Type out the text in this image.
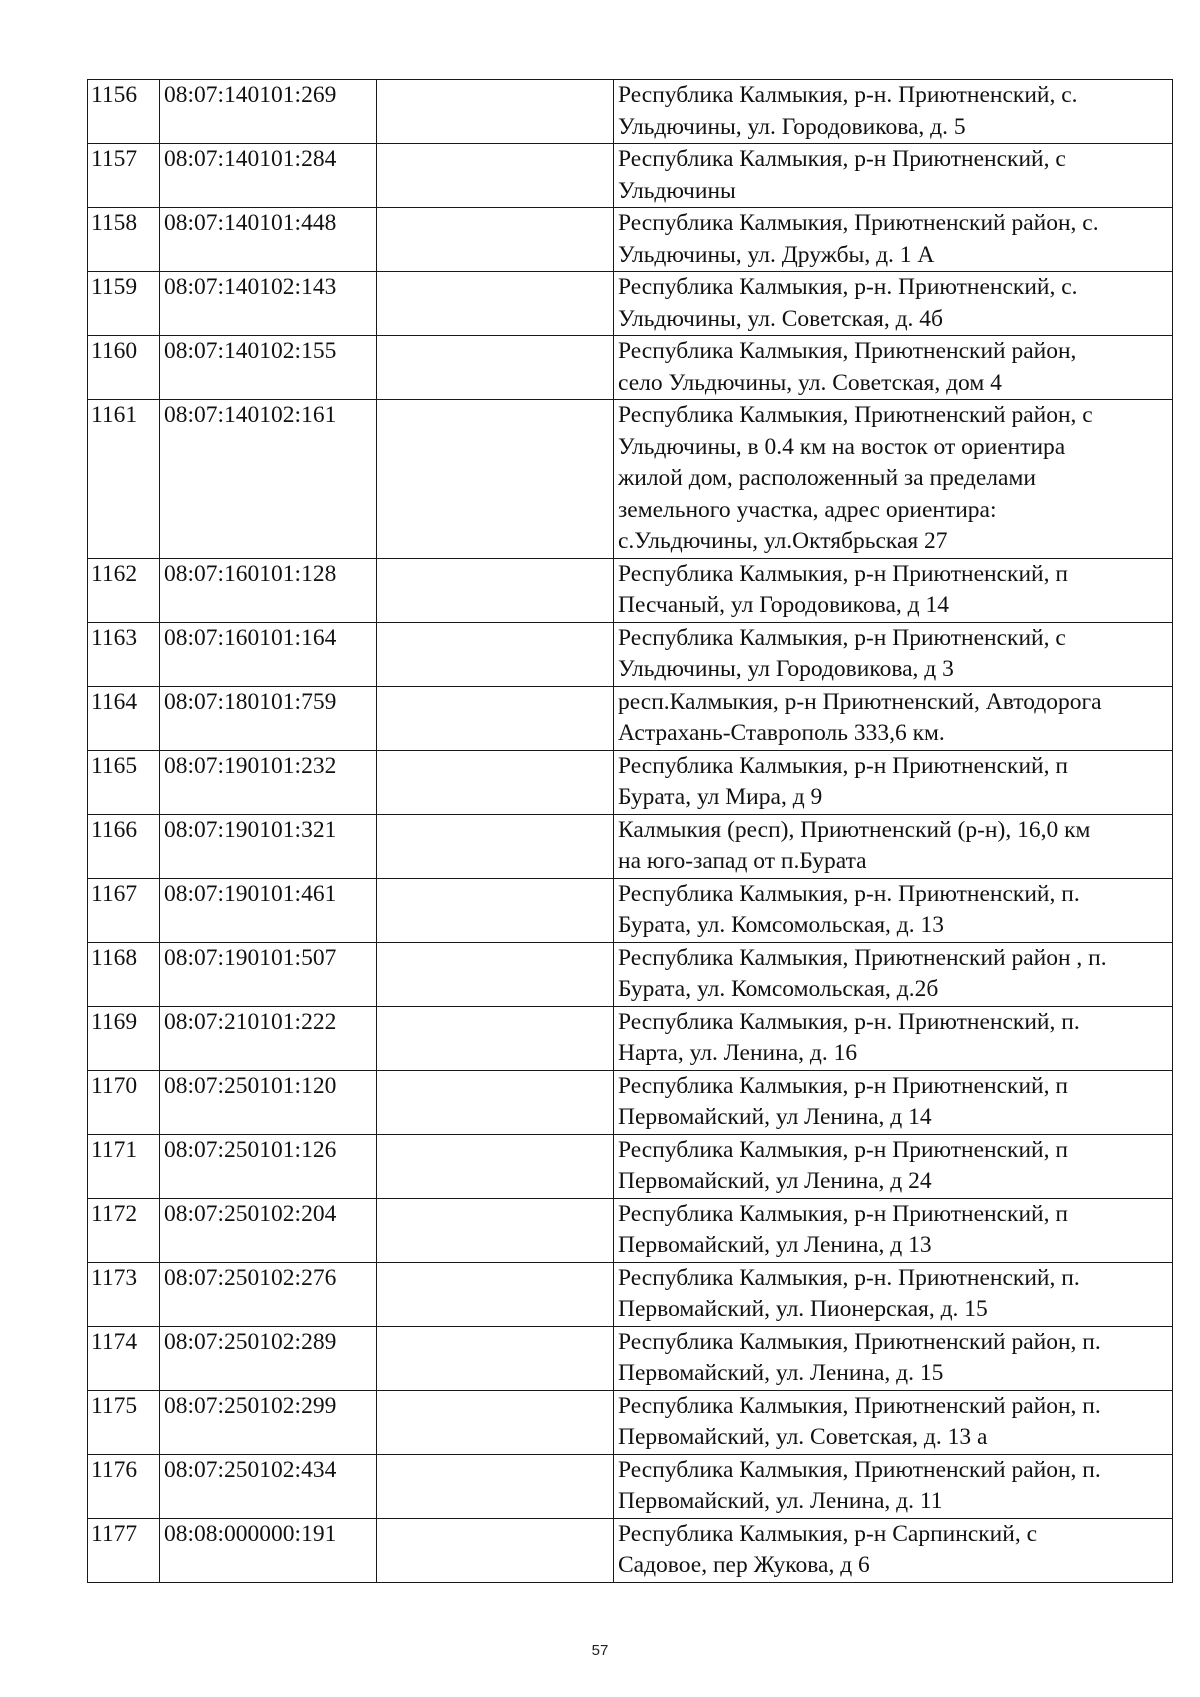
1156	08:07:140101:269		Республика Калмыкия, р-н. Приютненский, с.
Ульдючины, ул. Городовикова, д. 5
1157	08:07:140101:284		Республика Калмыкия, р-н Приютненский, с
Ульдючины
1158	08:07:140101:448		Республика Калмыкия, Приютненский район, с.
Ульдючины, ул. Дружбы, д. 1 А
1159	08:07:140102:143		Республика Калмыкия, р-н. Приютненский, с.
Ульдючины, ул. Советская, д. 4б
1160	08:07:140102:155		Республика Калмыкия, Приютненский район,
село Ульдючины, ул. Советская, дом 4
1161	08:07:140102:161		Республика Калмыкия, Приютненский район, с
Ульдючины, в 0.4 км на восток от ориентира
жилой дом, расположенный за пределами
земельного участка, адрес ориентира:
с.Ульдючины, ул.Октябрьская 27
1162	08:07:160101:128		Республика Калмыкия, р-н Приютненский, п
Песчаный, ул Городовикова, д 14
1163	08:07:160101:164		Республика Калмыкия, р-н Приютненский, с
Ульдючины, ул Городовикова, д 3
1164	08:07:180101:759		респ.Калмыкия, р-н Приютненский, Автодорога
Астрахань-Ставрополь 333,6 км.
1165	08:07:190101:232		Республика Калмыкия, р-н Приютненский, п
Бурата, ул Мира, д 9
1166	08:07:190101:321		Калмыкия (респ), Приютненский (р-н), 16,0 км
на юго-запад от п.Бурата
1167	08:07:190101:461		Республика Калмыкия, р-н. Приютненский, п.
Бурата, ул. Комсомольская, д. 13
1168	08:07:190101:507		Республика Калмыкия, Приютненский район , п.
Бурата, ул. Комсомольская, д.2б
1169	08:07:210101:222		Республика Калмыкия, р-н. Приютненский, п.
Нарта, ул. Ленина, д. 16
1170	08:07:250101:120		Республика Калмыкия, р-н Приютненский, п
Первомайский, ул Ленина, д 14
1171	08:07:250101:126		Республика Калмыкия, р-н Приютненский, п
Первомайский, ул Ленина, д 24
1172	08:07:250102:204		Республика Калмыкия, р-н Приютненский, п
Первомайский, ул Ленина, д 13
1173	08:07:250102:276		Республика Калмыкия, р-н. Приютненский, п.
Первомайский, ул. Пионерская, д. 15
1174	08:07:250102:289		Республика Калмыкия, Приютненский район, п.
Первомайский, ул. Ленина, д. 15
1175	08:07:250102:299		Республика Калмыкия, Приютненский район, п.
Первомайский, ул. Советская, д. 13 а
1176	08:07:250102:434		Республика Калмыкия, Приютненский район, п.
Первомайский, ул. Ленина, д. 11
1177	08:08:000000:191		Республика Калмыкия, р-н Сарпинский, с
Садовое, пер Жукова, д 6
57
